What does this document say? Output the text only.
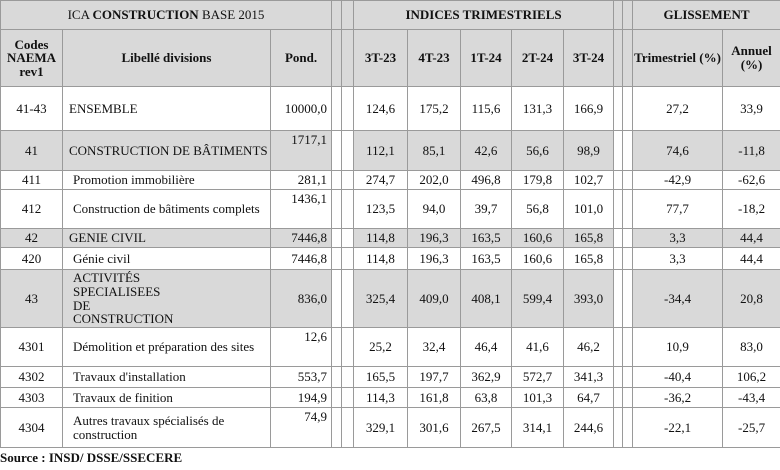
ICA CONSTRUCTION BASE 2015					INDICES TRIMESTRIELS							GLISSEMENT	
Codes NAEMA rev1	Libellé divisions	Pond.			3T-23	4T-23	1T-24	2T-24	3T-24			Trimestriel (%)	Annuel (%)
41-43	ENSEMBLE	10000,0			124,6	175,2	115,6	131,3	166,9			27,2	33,9
41	CONSTRUCTION DE BÂTIMENTS	1717,1			112,1	85,1	42,6	56,6	98,9			74,6	-11,8
411	Promotion immobilière	281,1			274,7	202,0	496,8	179,8	102,7			-42,9	-62,6
412	Construction de bâtiments complets	1436,1			123,5	94,0	39,7	56,8	101,0			77,7	-18,2
42	GENIE CIVIL	7446,8			114,8	196,3	163,5	160,6	165,8			3,3	44,4
420	Génie civil	7446,8			114,8	196,3	163,5	160,6	165,8			3,3	44,4
43	ACTIVITÉS SPECIALISEES DE CONSTRUCTION	836,0			325,4	409,0	408,1	599,4	393,0			-34,4	20,8
4301	Démolition et préparation des sites	12,6			25,2	32,4	46,4	41,6	46,2			10,9	83,0
4302	Travaux d'installation	553,7			165,5	197,7	362,9	572,7	341,3			-40,4	106,2
4303	Travaux de finition	194,9			114,3	161,8	63,8	101,3	64,7			-36,2	-43,4
4304	Autres travaux spécialisés de construction	74,9			329,1	301,6	267,5	314,1	244,6			-22,1	-25,7
Source : INSD/ DSSE/SSECERE
